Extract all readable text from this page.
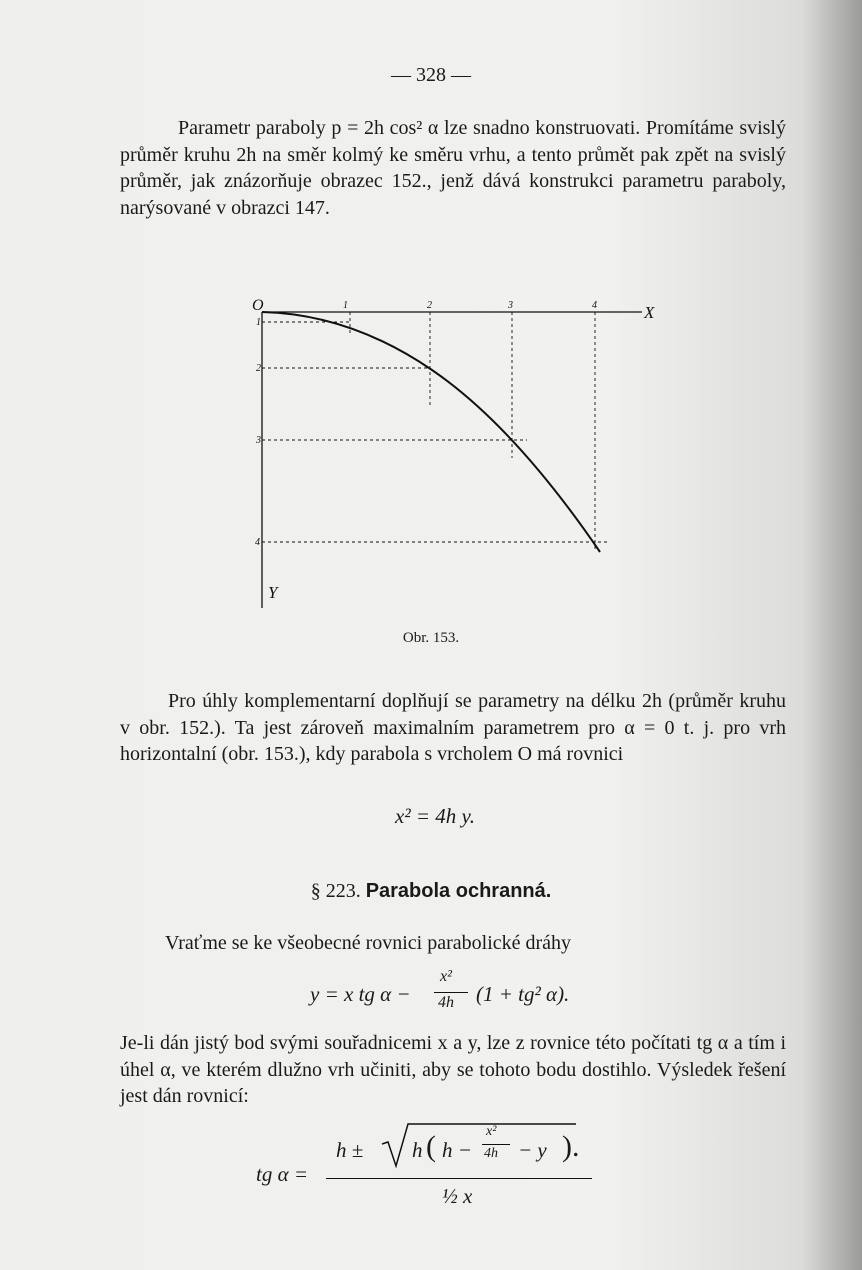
— 328 —
Parametr paraboly p = 2h cos² α lze snadno konstruovati. Promítáme svislý průměr kruhu 2h na směr kolmý ke směru vrhu, a tento průmět pak zpět na svislý průměr, jak znázorňuje obrazec 152., jenž dává konstrukci parametru paraboly, narýsované v obrazci 147.
O	X
Y
1	2	3	4
1
2
3
4
Obr. 153.
Pro úhly komplementarní doplňují se parametry na délku 2h (průměr kruhu v obr. 152.). Ta jest zároveň maximalním parametrem pro α = 0 t. j. pro vrh horizontalní (obr. 153.), kdy parabola s vrcholem O má rovnici
x² = 4h y.
§ 223. Parabola ochranná.
Vraťme se ke všeobecné rovnici parabolické dráhy
y = x tg α −
x²
4h (1 + tg² α).
Je-li dán jistý bod svými souřadnicemi x a y, lze z rovnice této počítati tg α a tím i úhel α, ve kterém dlužno vrh učiniti, aby se tohoto bodu dostihlo. Výsledek řešení jest dán rovnicí:
tg α =
h ± h ( h −
x²
4h − y ).
½ x
